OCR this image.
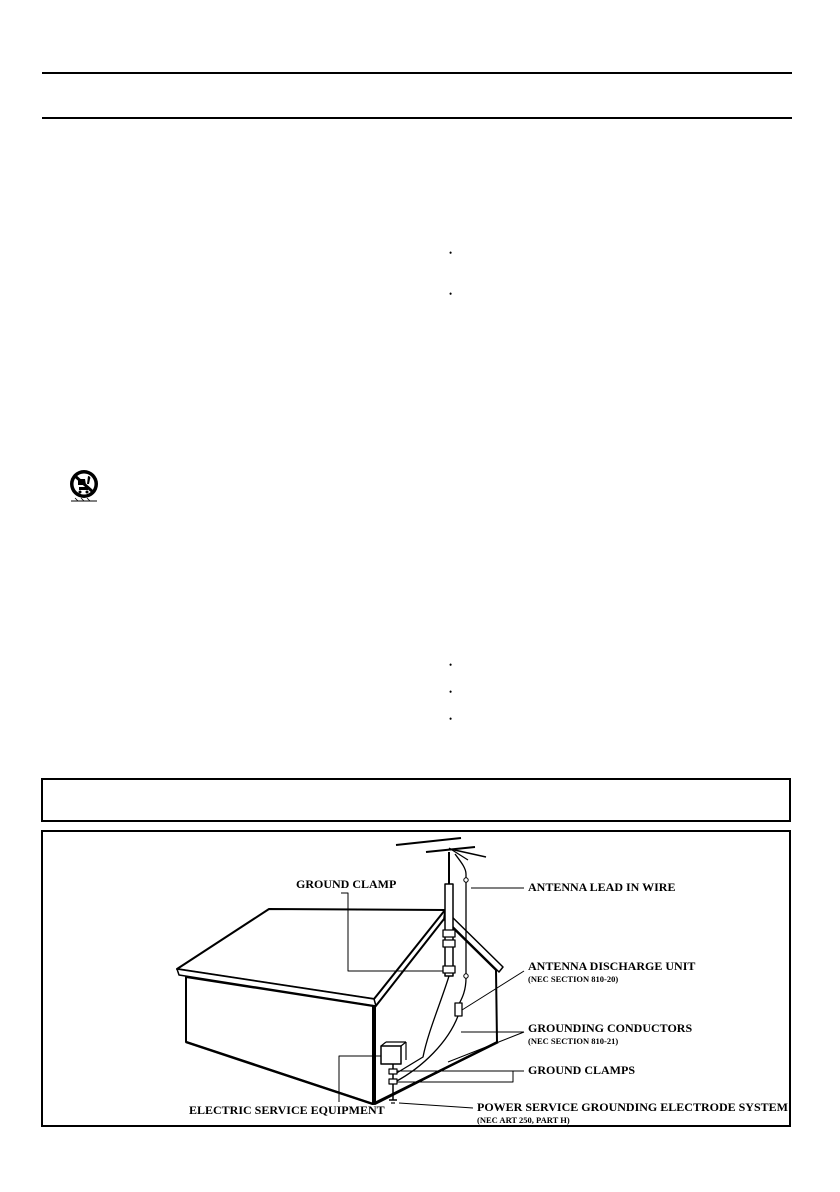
•
•
•
•
•
GROUND CLAMP	ANTENNA LEAD IN WIRE
ANTENNA DISCHARGE UNIT
(NEC SECTION 810-20)
GROUNDING CONDUCTORS
(NEC SECTION 810-21)
GROUND CLAMPS
ELECTRIC SERVICE EQUIPMENT	POWER SERVICE GROUNDING ELECTRODE SYSTEM
(NEC ART 250, PART H)
